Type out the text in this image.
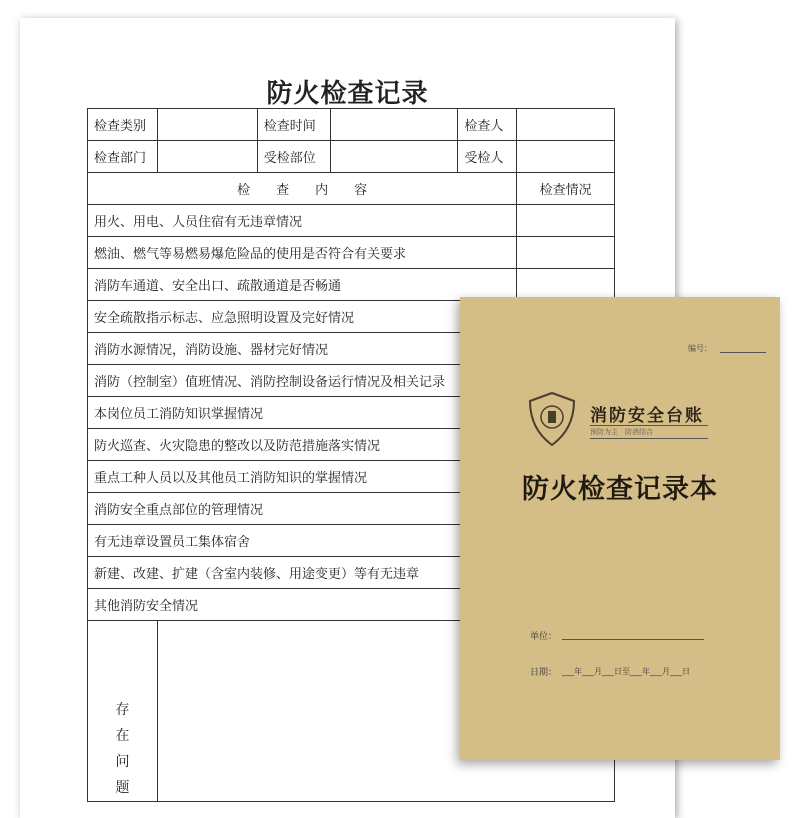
防火检查记录
检查类别		检查时间		检查人	
检查部门		受检部位		受检人	
检　　查　　内　　容					检查情况
用火、用电、人员住宿有无违章情况					
燃油、燃气等易燃易爆危险品的使用是否符合有关要求					
消防车通道、安全出口、疏散通道是否畅通					
安全疏散指示标志、应急照明设置及完好情况					
消防水源情况，消防设施、器材完好情况					
消防（控制室）值班情况、消防控制设备运行情况及相关记录					
本岗位员工消防知识掌握情况					
防火巡查、火灾隐患的整改以及防范措施落实情况					
重点工种人员以及其他员工消防知识的掌握情况					
消防安全重点部位的管理情况					
有无违章设置员工集体宿舍					
新建、改建、扩建（含室内装修、用途变更）等有无违章					
其他消防安全情况					

存在问题					

编号：
消防安全台账
预防为主　防消结合
防火检查记录本
单位：
日期： ___年___月___日至___年___月___日
